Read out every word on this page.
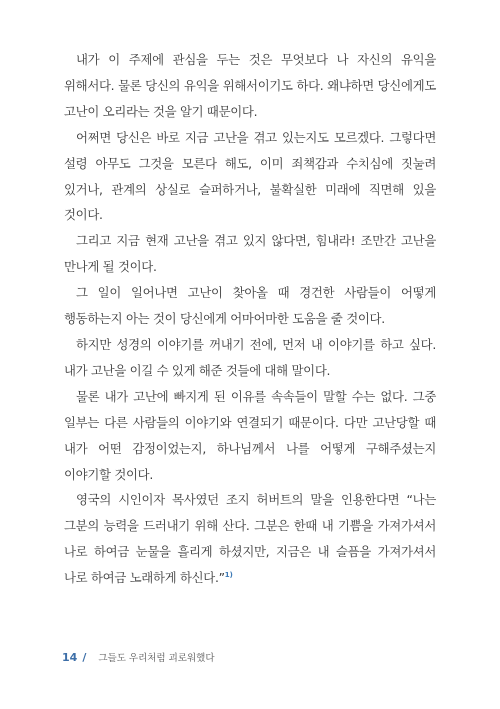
내가 이 주제에 관심을 두는 것은 무엇보다 나 자신의 유익을 위해서다. 물론 당신의 유익을 위해서이기도 하다. 왜냐하면 당신에게도 고난이 오리라는 것을 알기 때문이다.

어쩌면 당신은 바로 지금 고난을 겪고 있는지도 모르겠다. 그렇다면 설령 아무도 그것을 모른다 해도, 이미 죄책감과 수치심에 짓눌려 있거나, 관계의 상실로 슬퍼하거나, 불확실한 미래에 직면해 있을 것이다.

그리고 지금 현재 고난을 겪고 있지 않다면, 힘내라! 조만간 고난을 만나게 될 것이다.

그 일이 일어나면 고난이 찾아올 때 경건한 사람들이 어떻게 행동하는지 아는 것이 당신에게 어마어마한 도움을 줄 것이다.

하지만 성경의 이야기를 꺼내기 전에, 먼저 내 이야기를 하고 싶다. 내가 고난을 이길 수 있게 해준 것들에 대해 말이다.

물론 내가 고난에 빠지게 된 이유를 속속들이 말할 수는 없다. 그중 일부는 다른 사람들의 이야기와 연결되기 때문이다. 다만 고난당할 때 내가 어떤 감정이었는지, 하나님께서 나를 어떻게 구해주셨는지 이야기할 것이다.

영국의 시인이자 목사였던 조지 허버트의 말을 인용한다면 “나는 그분의 능력을 드러내기 위해 산다. 그분은 한때 내 기쁨을 가져가셔서 나로 하여금 눈물을 흘리게 하셨지만, 지금은 내 슬픔을 가져가셔서 나로 하여금 노래하게 하신다.”$^{1)}$

14 / 그들도 우리처럼 괴로워했다
